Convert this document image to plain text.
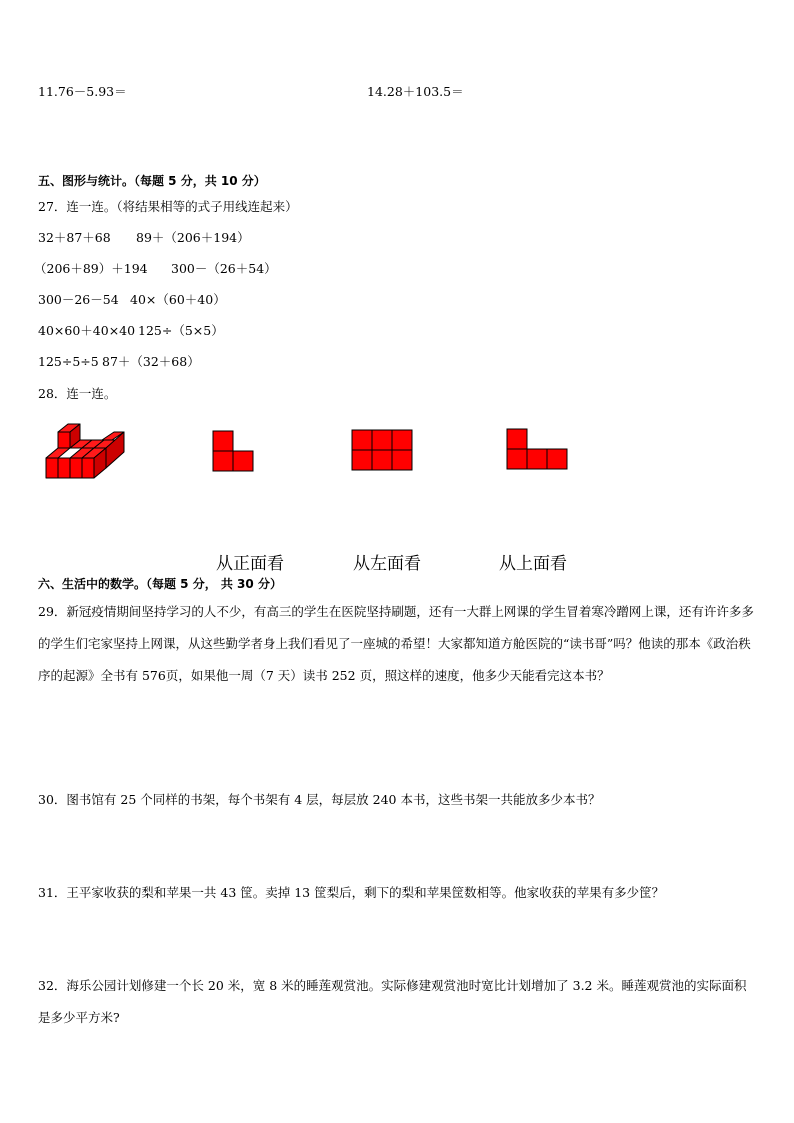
11.76－5.93＝	14.28＋103.5＝
五、图形与统计。（每题 5 分，共 10 分）
27．连一连。（将结果相等的式子用线连起来）
32＋87＋68 89＋（206＋194）
（206＋89）＋194 300－（26＋54）
300－26－54 40×（60＋40）
40×60＋40×40 125÷（5×5）
125÷5÷5 87＋（32＋68）
28．连一连。
从正面看	从左面看	从上面看
六、生活中的数学。（每题 5 分， 共 30 分）
29．新冠疫情期间坚持学习的人不少，有高三的学生在医院坚持刷题，还有一大群上网课的学生冒着寒冷蹭网上课，还有许许多多的学生们宅家坚持上网课，从这些勤学者身上我们看见了一座城的希望！大家都知道方舱医院的“读书哥”吗？他读的那本《政治秩序的起源》全书有 576页，如果他一周（7 天）读书 252 页，照这样的速度，他多少天能看完这本书？
30．图书馆有 25 个同样的书架，每个书架有 4 层，每层放 240 本书，这些书架一共能放多少本书？
31．王平家收获的梨和苹果一共 43 筐。卖掉 13 筐梨后，剩下的梨和苹果筐数相等。他家收获的苹果有多少筐？
32．海乐公园计划修建一个长 20 米，宽 8 米的睡莲观赏池。实际修建观赏池时宽比计划增加了 3.2 米。睡莲观赏池的实际面积是多少平方米?
